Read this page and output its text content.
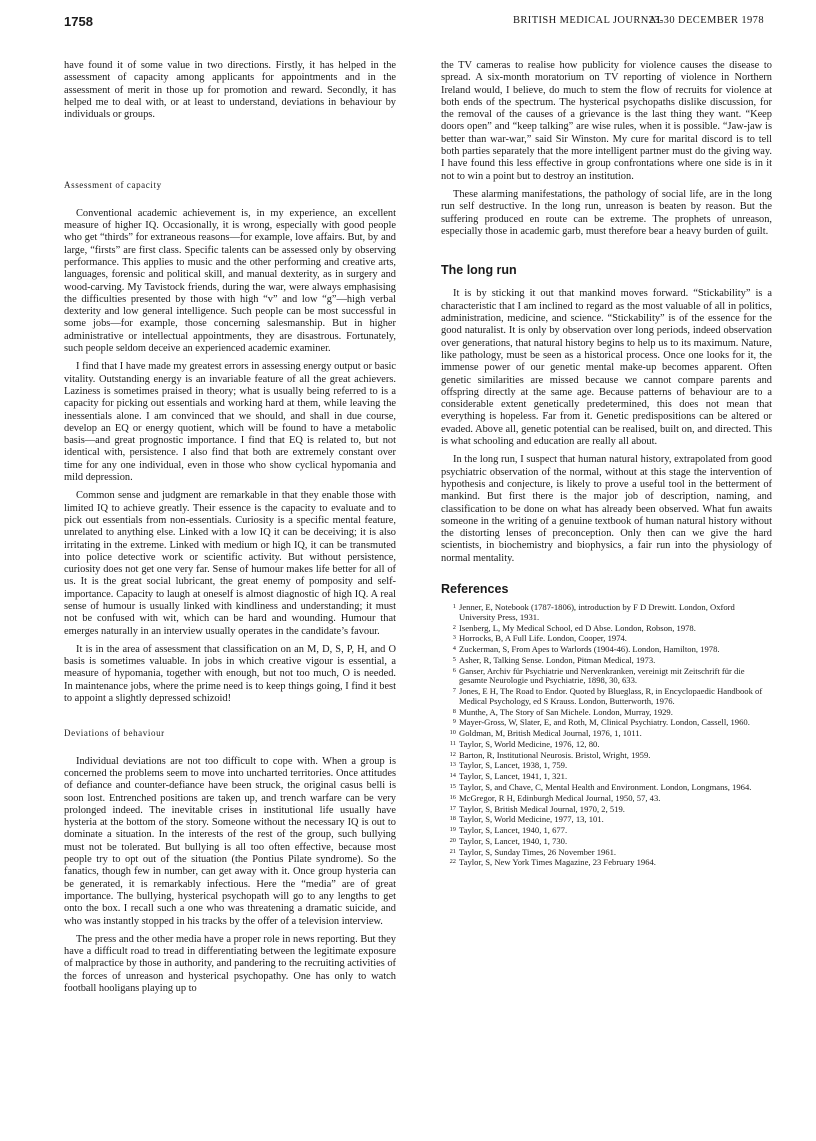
1758	BRITISH MEDICAL JOURNAL
23-30 DECEMBER 1978

have found it of some value in two directions. Firstly, it has helped in the assessment of capacity among applicants for appointments and in the assessment of merit in those up for promotion and reward. Secondly, it has helped me to deal with, or at least to understand, deviations in behaviour by individuals or groups.

Assessment of capacity

Conventional academic achievement is, in my experience, an excellent measure of higher IQ. Occasionally, it is wrong, especially with good people who get “thirds” for extraneous reasons—for example, love affairs. But, by and large, “firsts” are first class. Specific talents can be assessed only by observing performance. This applies to music and the other performing and creative arts, languages, forensic and political skill, and manual dexterity, as in surgery and wood-carving. My Tavistock friends, during the war, were always emphasising the difficulties presented by those with high “v” and low “g”—high verbal dexterity and low general intelligence. Such people can be most successful in some jobs—for example, those concerning salesmanship. But in higher administrative or intellectual appointments, they are disastrous. Fortunately, such people seldom deceive an experienced academic examiner.

I find that I have made my greatest errors in assessing energy output or basic vitality. Outstanding energy is an invariable feature of all the great achievers. Laziness is sometimes praised in theory; what is usually being referred to is a capacity for picking out essentials and working hard at them, while leaving the inessentials alone. I am convinced that we should, and shall in due course, develop an EQ or energy quotient, which will be found to have a metabolic basis—and great prognostic importance. I find that EQ is related to, but not identical with, persistence. I also find that both are extremely constant over time for any one individual, even in those who show cyclical hypomania and mild depression.

Common sense and judgment are remarkable in that they enable those with limited IQ to achieve greatly. Their essence is the capacity to evaluate and to pick out essentials from non-essentials. Curiosity is a specific mental feature, unrelated to anything else. Linked with a low IQ it can be deceiving; it is also irritating in the extreme. Linked with medium or high IQ, it can be transmuted into police detective work or scientific activity. But without persistence, curiosity does not get one very far. Sense of humour makes life better for all of us. It is the great social lubricant, the great enemy of pomposity and self-importance. Capacity to laugh at oneself is almost diagnostic of high IQ. A real sense of humour is usually linked with kindliness and understanding; it must not be confused with wit, which can be hard and wounding. Humour that emerges naturally in an interview usually operates in the candidate’s favour.

It is in the area of assessment that classification on an M, D, S, P, H, and O basis is sometimes valuable. In jobs in which creative vigour is essential, a measure of hypomania, together with enough, but not too much, O is needed. In maintenance jobs, where the prime need is to keep things going, I find it best to appoint a slightly depressed schizoid!

Deviations of behaviour

Individual deviations are not too difficult to cope with. When a group is concerned the problems seem to move into uncharted territories. Once attitudes of defiance and counter-defiance have been struck, the original casus belli is soon lost. Entrenched positions are taken up, and trench warfare can be very prolonged indeed. The inevitable crises in institutional life usually have hysteria at the bottom of the story. Someone without the necessary IQ is out to dominate a situation. In the interests of the rest of the group, such bullying must not be tolerated. But bullying is all too often effective, because most people try to opt out of the situation (the Pontius Pilate syndrome). So the fanatics, though few in number, can get away with it. Once group hysteria can be generated, it is remarkably infectious. Here the “media” are of great importance. The bullying, hysterical psychopath will go to any lengths to get onto the box. I recall such a one who was threatening a dramatic suicide, and who was instantly stopped in his tracks by the offer of a television interview.

The press and the other media have a proper role in news reporting. But they have a difficult road to tread in differentiating between the legitimate exposure of malpractice by those in authority, and pandering to the recruiting activities of the forces of unreason and hysterical psychopathy. One has only to watch football hooligans playing up to

the TV cameras to realise how publicity for violence causes the disease to spread. A six-month moratorium on TV reporting of violence in Northern Ireland would, I believe, do much to stem the flow of recruits for violence at both ends of the spectrum. The hysterical psychopaths dislike discussion, for the removal of the causes of a grievance is the last thing they want. “Keep doors open” and “keep talking” are wise rules, when it is possible. “Jaw-jaw is better than war-war,” said Sir Winston. My cure for marital discord is to tell both parties separately that the more intelligent partner must do the giving way. I have found this less effective in group confrontations where one side is in it not to win a point but to destroy an institution.

These alarming manifestations, the pathology of social life, are in the long run self destructive. In the long run, unreason is beaten by reason. But the suffering produced en route can be extreme. The prophets of unreason, especially those in academic garb, must therefore bear a heavy burden of guilt.

The long run

It is by sticking it out that mankind moves forward. “Stickability” is a characteristic that I am inclined to regard as the most valuable of all in politics, administration, medicine, and science. “Stickability” is of the essence for the good naturalist. It is only by observation over long periods, indeed observation over generations, that natural history begins to help us to its maximum. Nature, like pathology, must be seen as a historical process. Once one looks for it, the immense power of our genetic mental make-up becomes apparent. Often genetic similarities are missed because we cannot compare parents and offspring directly at the same age. Because patterns of behaviour are to a considerable extent genetically predetermined, this does not mean that everything is hopeless. Far from it. Genetic predispositions can be altered or evaded. Above all, genetic potential can be realised, built on, and directed. This is what schooling and education are really all about.

In the long run, I suspect that human natural history, extrapolated from good psychiatric observation of the normal, without at this stage the intervention of hypothesis and conjecture, is likely to prove a useful tool in the betterment of mankind. But first there is the major job of description, naming, and classification to be done on what has already been observed. What fun awaits someone in the writing of a genuine textbook of human natural history without the distorting lenses of preconception. Only then can we give the hard scientists, in biochemistry and biophysics, a fair run into the physiology of normal mentality.

References
1 Jenner, E, Notebook (1787-1806), introduction by F D Drewitt. London, Oxford University Press, 1931.
2 Isenberg, L, My Medical School, ed D Abse. London, Robson, 1978.
3 Horrocks, B, A Full Life. London, Cooper, 1974.
4 Zuckerman, S, From Apes to Warlords (1904-46). London, Hamilton, 1978.
5 Asher, R, Talking Sense. London, Pitman Medical, 1973.
6 Ganser, Archiv für Psychiatrie und Nervenkranken, vereinigt mit Zeitschrift für die gesamte Neurologie und Psychiatrie, 1898, 30, 633.
7 Jones, E H, The Road to Endor. Quoted by Blueglass, R, in Encyclopaedic Handbook of Medical Psychology, ed S Krauss. London, Butterworth, 1976.
8 Munthe, A, The Story of San Michele. London, Murray, 1929.
9 Mayer-Gross, W, Slater, E, and Roth, M, Clinical Psychiatry. London, Cassell, 1960.
10 Goldman, M, British Medical Journal, 1976, 1, 1011.
11 Taylor, S, World Medicine, 1976, 12, 80.
12 Barton, R, Institutional Neurosis. Bristol, Wright, 1959.
13 Taylor, S, Lancet, 1938, 1, 759.
14 Taylor, S, Lancet, 1941, 1, 321.
15 Taylor, S, and Chave, C, Mental Health and Environment. London, Longmans, 1964.
16 McGregor, R H, Edinburgh Medical Journal, 1950, 57, 43.
17 Taylor, S, British Medical Journal, 1970, 2, 519.
18 Taylor, S, World Medicine, 1977, 13, 101.
19 Taylor, S, Lancet, 1940, 1, 677.
20 Taylor, S, Lancet, 1940, 1, 730.
21 Taylor, S, Sunday Times, 26 November 1961.
22 Taylor, S, New York Times Magazine, 23 February 1964.
